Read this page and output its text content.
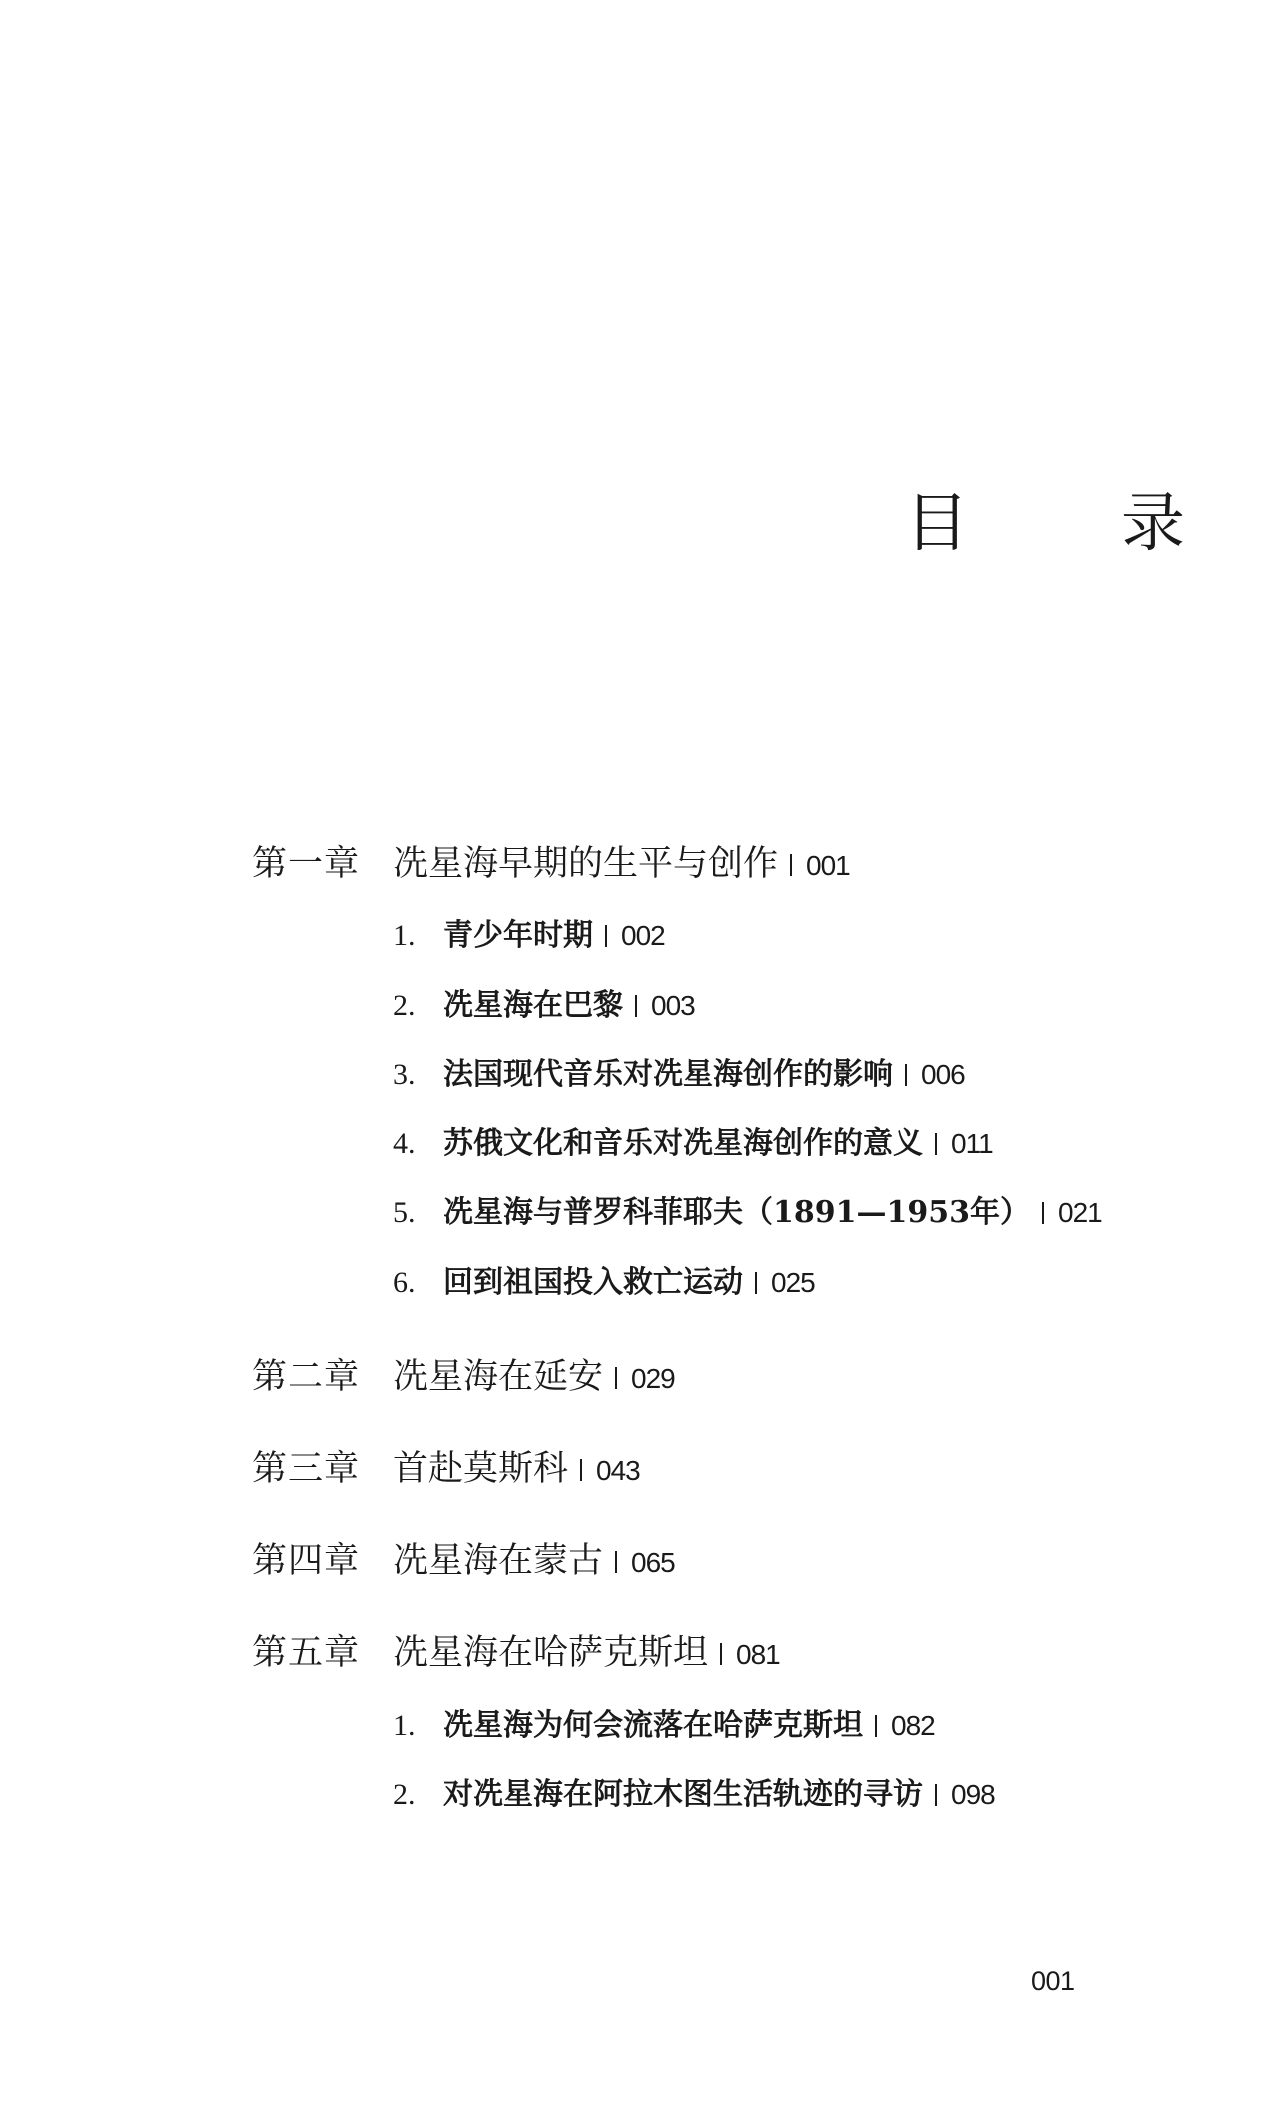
目　录
第一章 冼星海早期的生平与创作 001
1. 青少年时期 002
2. 冼星海在巴黎 003
3. 法国现代音乐对冼星海创作的影响 006
4. 苏俄文化和音乐对冼星海创作的意义 011
5. 冼星海与普罗科菲耶夫（1891—1953年） 021
6. 回到祖国投入救亡运动 025
第二章 冼星海在延安 029
第三章 首赴莫斯科 043
第四章 冼星海在蒙古 065
第五章 冼星海在哈萨克斯坦 081
1. 冼星海为何会流落在哈萨克斯坦 082
2. 对冼星海在阿拉木图生活轨迹的寻访 098
001
